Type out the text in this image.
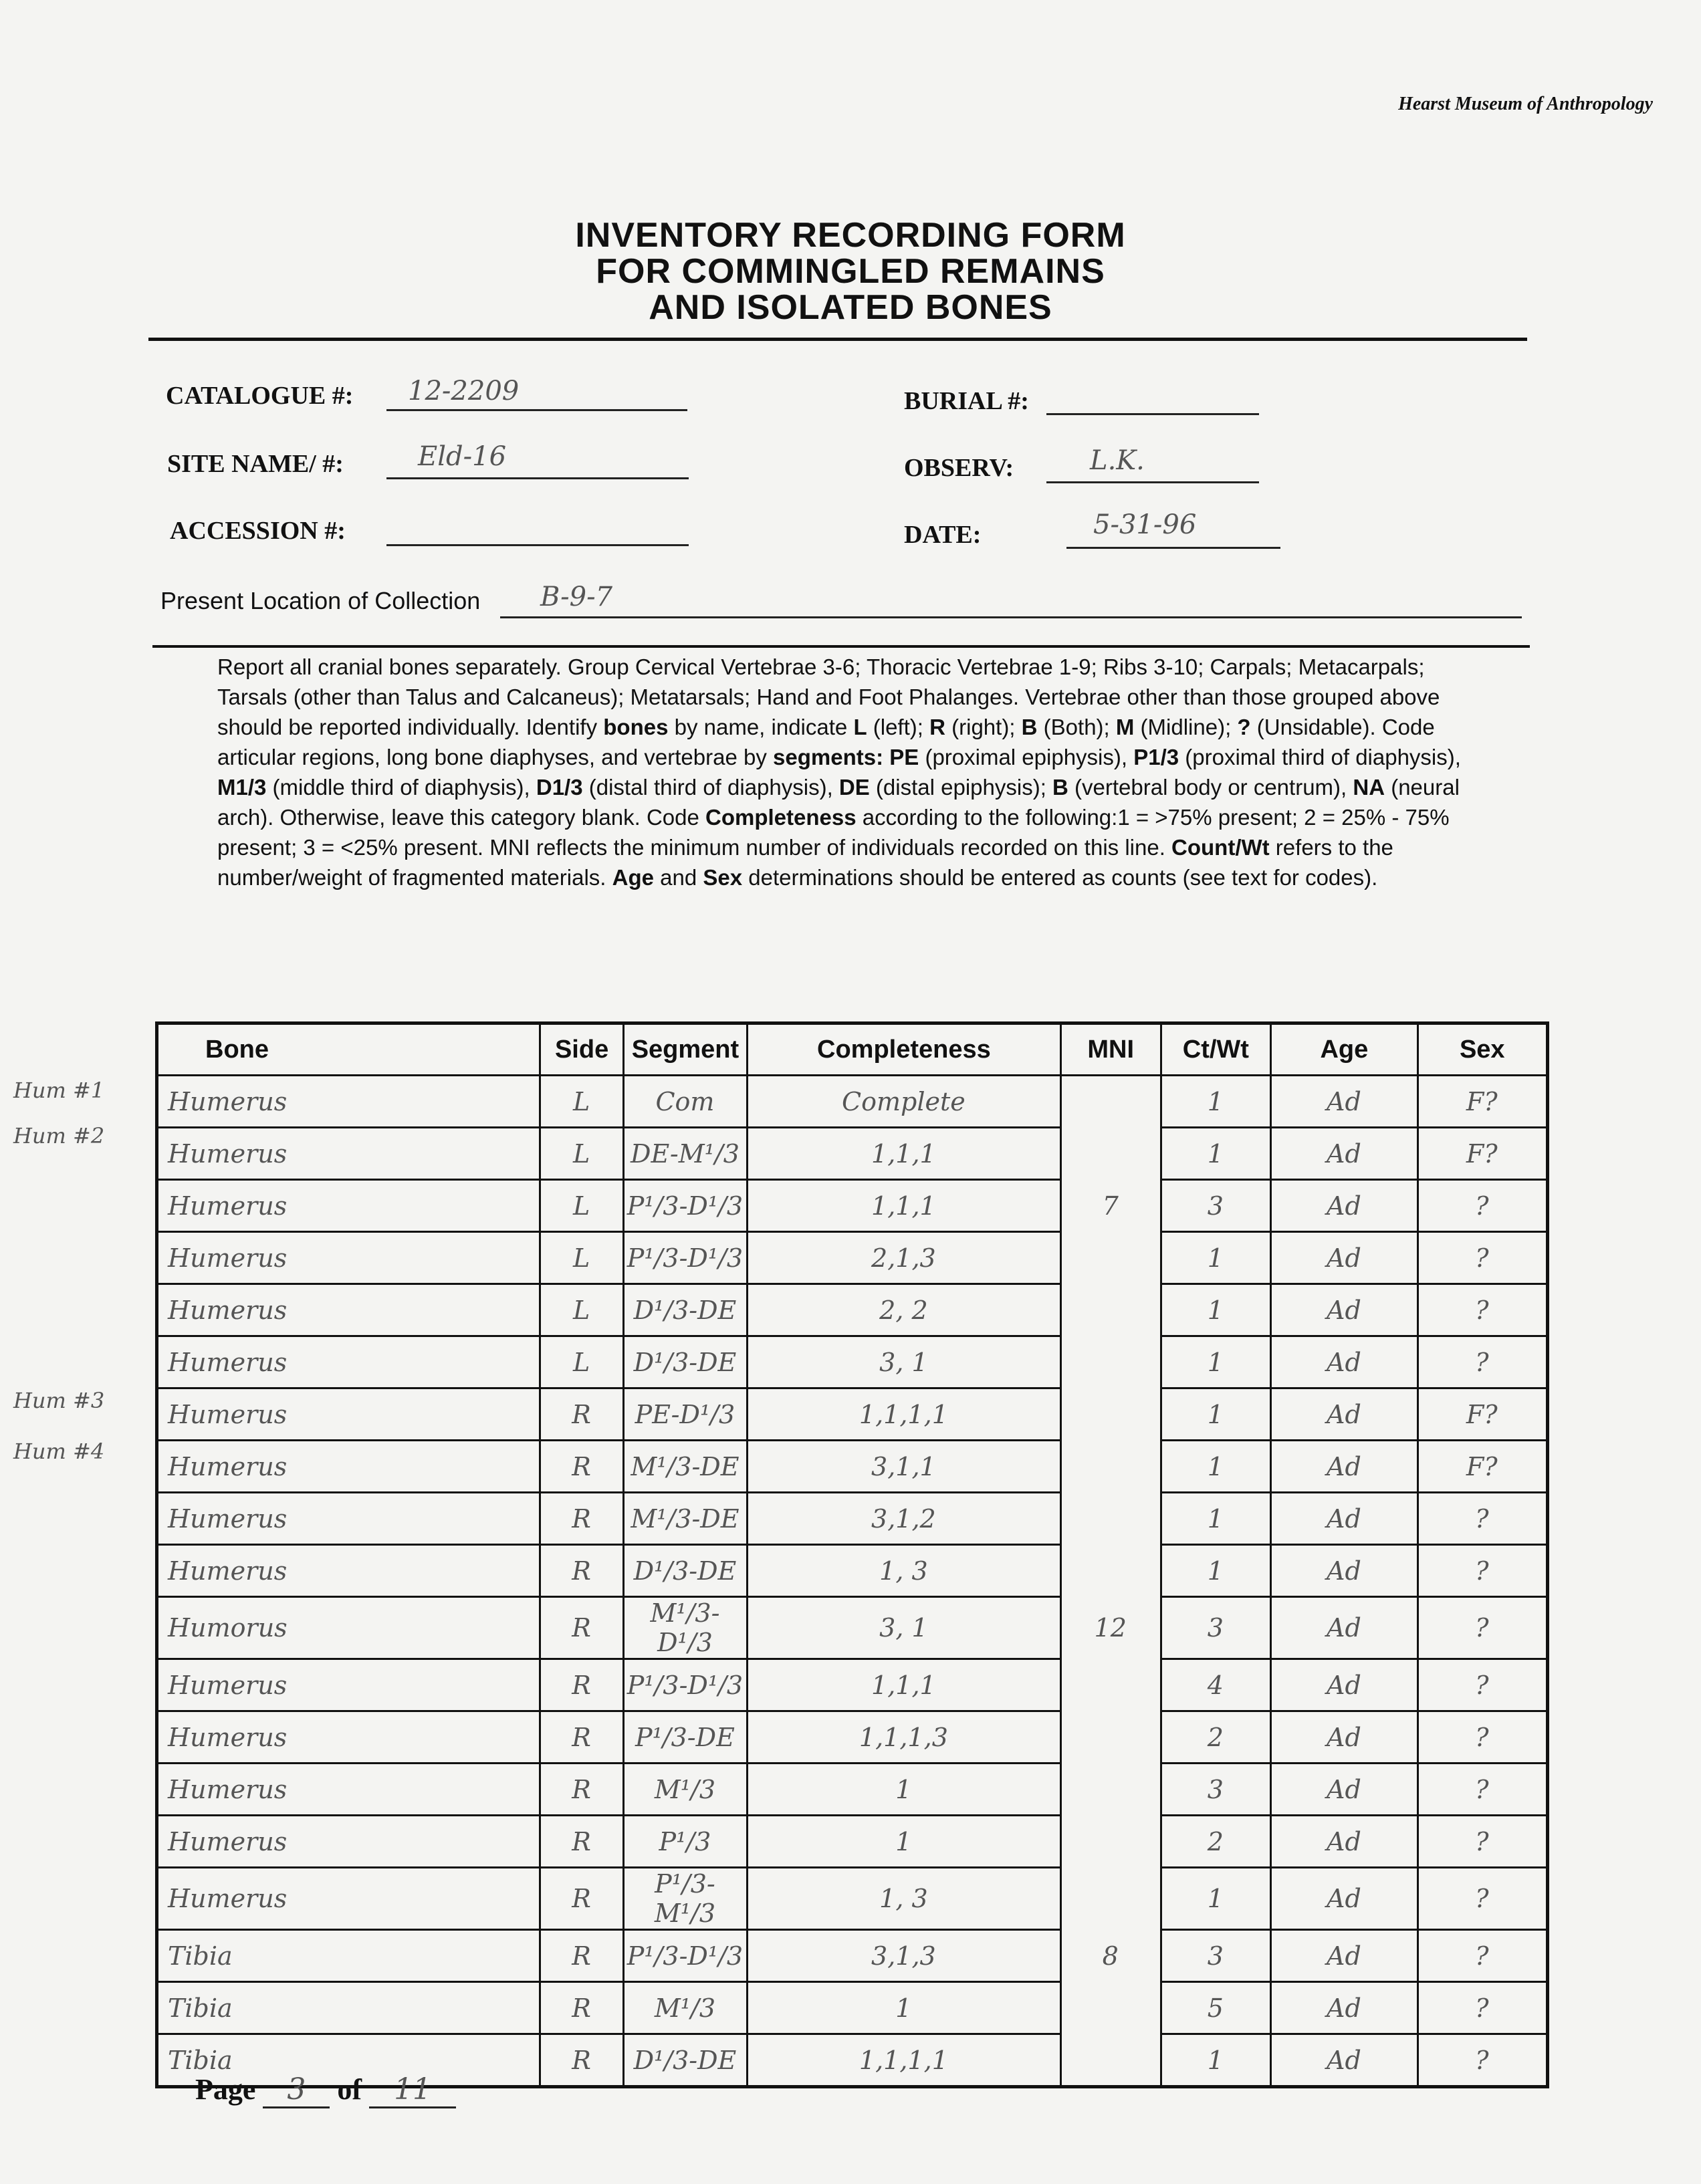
Hearst Museum of Anthropology
INVENTORY RECORDING FORM
FOR COMMINGLED REMAINS
AND ISOLATED BONES
CATALOGUE #: 12-2209	BURIAL #:
SITE NAME/ #:	Eld-16	OBSERV:	L.K.
ACCESSION #:	DATE:	5-31-96
Present Location of Collection B-9-7
Report all cranial bones separately. Group Cervical Vertebrae 3-6; Thoracic Vertebrae 1-9; Ribs 3-10; Carpals; Metacarpals; Tarsals (other than Talus and Calcaneus); Metatarsals; Hand and Foot Phalanges. Vertebrae other than those grouped above should be reported individually. Identify bones by name, indicate L (left); R (right); B (Both); M (Midline); ? (Unsidable). Code articular regions, long bone diaphyses, and vertebrae by segments: PE (proximal epiphysis), P1/3 (proximal third of diaphysis), M1/3 (middle third of diaphysis), D1/3 (distal third of diaphysis), DE (distal epiphysis); B (vertebral body or centrum), NA (neural arch). Otherwise, leave this category blank. Code Completeness according to the following:1 = >75% present; 2 = 25% - 75% present; 3 = <25% present. MNI reflects the minimum number of individuals recorded on this line. Count/Wt refers to the number/weight of fragmented materials. Age and Sex determinations should be entered as counts (see text for codes).
Hum #1
Hum #2
Hum #3
Hum #4
Bone	Side	Segment	Completeness	MNI	Ct/Wt	Age	Sex
Humerus	L	Com	Complete		1	Ad	F?
Humerus	L	DE-M¹/3	1,1,1		1	Ad	F?
Humerus	L	P¹/3-D¹/3	1,1,1	7	3	Ad	?
Humerus	L	P¹/3-D¹/3	2,1,3		1	Ad	?
Humerus	L	D¹/3-DE	2, 2		1	Ad	?
Humerus	L	D¹/3-DE	3, 1		1	Ad	?
Humerus	R	PE-D¹/3	1,1,1,1		1	Ad	F?
Humerus	R	M¹/3-DE	3,1,1		1	Ad	F?
Humerus	R	M¹/3-DE	3,1,2		1	Ad	?
Humerus	R	D¹/3-DE	1, 3		1	Ad	?
Humorus	R	M¹/3-D¹/3	3, 1	12	3	Ad	?
Humerus	R	P¹/3-D¹/3	1,1,1		4	Ad	?
Humerus	R	P¹/3-DE	1,1,1,3		2	Ad	?
Humerus	R	M¹/3	1		3	Ad	?
Humerus	R	P¹/3	1		2	Ad	?
Humerus	R	P¹/3-M¹/3	1, 3		1	Ad	?
Tibia	R	P¹/3-D¹/3	3,1,3	8	3	Ad	?
Tibia	R	M¹/3	1		5	Ad	?
Tibia	R	D¹/3-DE	1,1,1,1		1	Ad	?
Page 3 of 11
